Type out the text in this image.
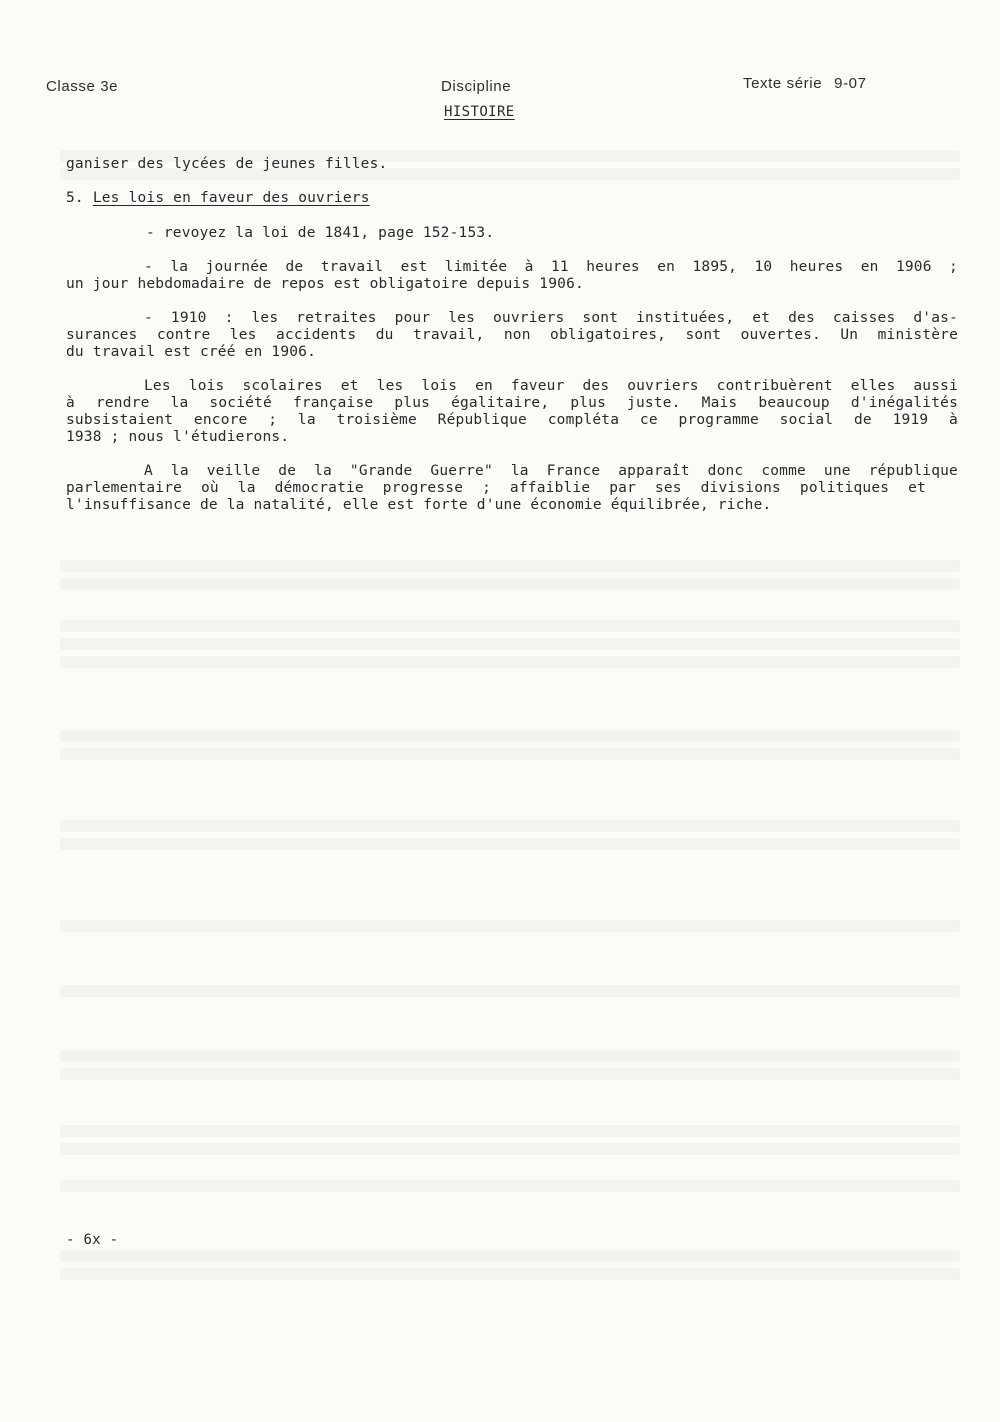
Classe 3e	Discipline	Texte série 9-07
HISTOIRE
ganiser des lycées de jeunes filles.
5. Les lois en faveur des ouvriers
- revoyez la loi de 1841, page 152-153.
- la journée de travail est limitée à 11 heures en 1895, 10 heures en 1906 ;
un jour hebdomadaire de repos est obligatoire depuis 1906.
- 1910 : les retraites pour les ouvriers sont instituées, et des caisses d'as-
surances contre les accidents du travail, non obligatoires, sont ouvertes. Un ministère
du travail est créé en 1906.
Les lois scolaires et les lois en faveur des ouvriers contribuèrent elles aussi
à rendre la société française plus égalitaire, plus juste. Mais beaucoup d'inégalités
subsistaient encore ; la troisième République compléta ce programme social de 1919 à
1938 ; nous l'étudierons.
A la veille de la "Grande Guerre" la France apparaît donc comme une république
parlementaire où la démocratie progresse ; affaiblie par ses divisions politiques et
l'insuffisance de la natalité, elle est forte d'une économie équilibrée, riche.
- 6x -
